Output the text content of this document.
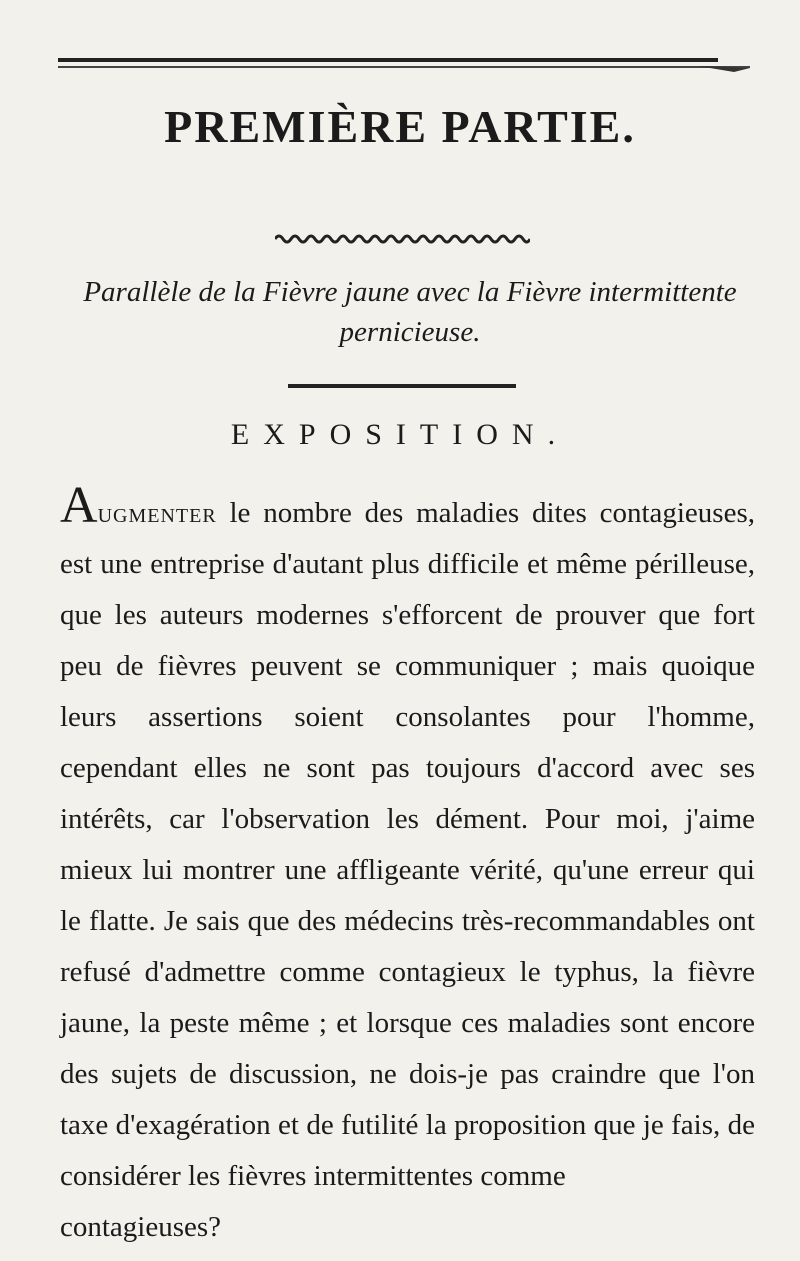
PREMIÈRE PARTIE.
Parallèle de la Fièvre jaune avec la Fièvre intermittente pernicieuse.
EXPOSITION.
Augmenter le nombre des maladies dites contagieuses, est une entreprise d'autant plus difficile et même périlleuse, que les auteurs modernes s'efforcent de prouver que fort peu de fièvres peuvent se communiquer ; mais quoique leurs assertions soient consolantes pour l'homme, cependant elles ne sont pas toujours d'accord avec ses intérêts, car l'observation les dément. Pour moi, j'aime mieux lui montrer une affligeante vérité, qu'une erreur qui le flatte. Je sais que des médecins très-recommandables ont refusé d'admettre comme contagieux le typhus, la fièvre jaune, la peste même ; et lorsque ces maladies sont encore des sujets de discussion, ne dois-je pas craindre que l'on taxe d'exagération et de futilité la proposition que je fais, de considérer les fièvres intermittentes comme
contagieuses?
